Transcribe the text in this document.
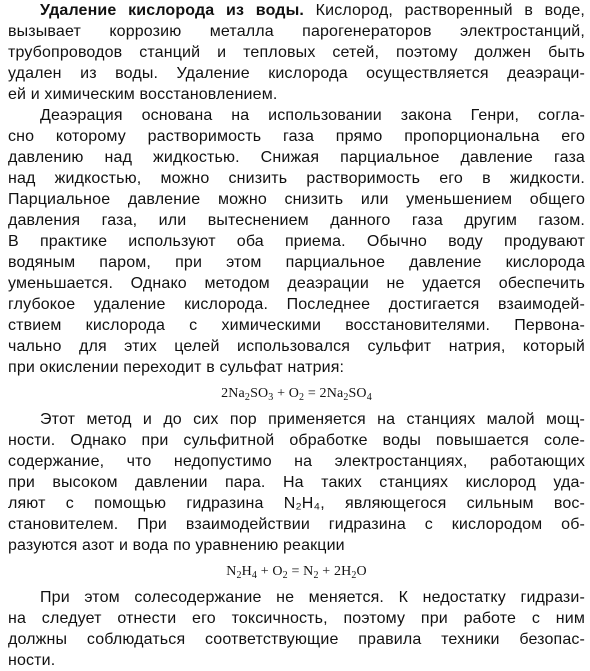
Удаление кислорода из воды. Кислород, растворенный в воде,
вызывает коррозию металла парогенераторов электростанций,
трубопроводов станций и тепловых сетей, поэтому должен быть
удален из воды. Удаление кислорода осуществляется деаэраци-
ей и химическим восстановлением.
Деаэрация основана на использовании закона Генри, согла-
сно которому растворимость газа прямо пропорциональна его
давлению над жидкостью. Снижая парциальное давление газа
над жидкостью, можно снизить растворимость его в жидкости.
Парциальное давление можно снизить или уменьшением общего
давления газа, или вытеснением данного газа другим газом.
В практике используют оба приема. Обычно воду продувают
водяным паром, при этом парциальное давление кислорода
уменьшается. Однако методом деаэрации не удается обеспечить
глубокое удаление кислорода. Последнее достигается взаимодей-
ствием кислорода с химическими восстановителями. Первона-
чально для этих целей использовался сульфит натрия, который
при окислении переходит в сульфат натрия:
$2Na_2SO_3 + O_2 = 2Na_2SO_4$
Этот метод и до сих пор применяется на станциях малой мощ-
ности. Однако при сульфитной обработке воды повышается соле-
содержание, что недопустимо на электростанциях, работающих
при высоком давлении пара. На таких станциях кислород уда-
ляют с помощью гидразина N₂H₄, являющегося сильным вос-
становителем. При взаимодействии гидразина с кислородом об-
разуются азот и вода по уравнению реакции
$N_2H_4 + O_2 = N_2 + 2H_2O$
При этом солесодержание не меняется. К недостатку гидрази-
на следует отнести его токсичность, поэтому при работе с ним
должны соблюдаться соответствующие правила техники безопас-
ности.
